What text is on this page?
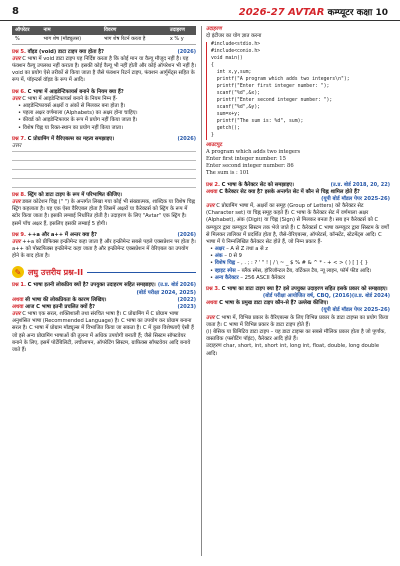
8	2026-27 AVTAR कम्प्यूटर कक्षा 10
ऑपरेटर	नाम	विवरण	उदाहरण
%	भाग शेष (मॉड्यूलस)	भाग शेष रिटर्न करता है	x % y
प्रश्न 5. वॉइड (void) डाटा टाइप क्या होता है?	(2026)
उत्तर C भाषा में void डाटा टाइप यह निर्दिष्ट करता है कि कोई मान या वैल्यू मौजूद नहीं है। यह फंक्शन वैल्यू उपलब्ध नहीं कराता है। इसकी कोई वैल्यू भी नहीं होती और कोई ऑपरेशन भी नहीं है। void का प्रयोग ऐसे तरीकों से किया जाता है जैसे फंक्शन रिटर्न टाइप, फंक्शन आर्गुमेंट्स सहित के रूप में, पॉइन्टर्स वॉइड के रूप में आदि।
प्रश्न 6. C भाषा में आइडेन्टिफायर्स बनाने के नियम क्या हैं?
उत्तर C भाषा में आइडेन्टिफायर्स बनाने के नियम निम्न हैं-
• आइडेन्टिफायर्स अक्षरों व अंकों से मिलकर बना होता है।
• पहला अक्षर वर्णमाला (Alphabets) का अक्षर होना चाहिए।
• कीवर्ड को आइडेन्टिफायर के रूप में प्रयोग नहीं किया जाता है।
• विशेष चिह्न या रिक्त-स्थान का प्रयोग नहीं किया जाता।
प्रश्न 7. C प्रोग्रामिंग में वैरिएबल्स का महत्व समझाइए।	(2026)
उत्तर
प्रश्न 8. स्ट्रिंग को डाटा टाइप के रूप में परिभाषित कीजिए।
उत्तर डबल कोटेशन चिह्न (" ") के अन्तर्गत लिखा गया कोई भी संख्यात्मक, शाब्दिक या विशेष चिह्न स्ट्रिंग कहलाता है। यह एक ऐसा वैरिएबल होता है जिसमें अक्षरों या कैरेक्टर्स को स्ट्रिंग के रूप में स्टोर किया जाता है। इसकी लम्बाई निर्धारित होती है। उदाहरण के लिए "Avtar" एक स्ट्रिंग है। इसमें पाँच अक्षर हैं, इसलिए इसकी लम्बाई 5 होगी।
प्रश्न 9. ++a और a++ में अन्तर क्या है?	(2026)
उत्तर ++a को प्रीफिक्स इन्क्रीमेन्ट कहा जाता है और इन्क्रीमेन्ट सबसे पहले एक्सप्रेशन पर होता है। a++ को पोस्टफिक्स इन्क्रीमेन्ट कहा जाता है और इन्क्रीमेन्ट एक्सप्रेशन में वेरिएबल का उपयोग होने के बाद होता है।
✎ लघु उत्तरीय प्रश्न-II
प्रश्न 1. C भाषा इतनी लोकप्रिय क्यों है? उपयुक्त उदाहरण सहित समझाइए। (उ.प्र. बोर्ड 2026)
(बोर्ड परीक्षा 2024, 2025)
अथवा सी भाषा की लोकप्रियता के कारण लिखिए।	(2022)
अथवा आज C भाषा इतनी प्रचलित क्यों है?	(2023)
उत्तर C भाषा एक सरल, शक्तिशाली तथा संरचित भाषा है। C प्रोग्रामिंग में C प्रोग्राम भाषा अनुशंसित भाषा (Recommended Language) है। C भाषा का उपयोग कर प्रोग्राम बनाना सरल है। C भाषा में प्रोग्राम मॉड्यूल्स में विभाजित किया जा सकता है। C में कुछ विशेषताएँ ऐसी हैं जो इसे अन्य प्रोग्रामिंग भाषाओं की तुलना में अधिक उपयोगी बनाती हैं; जैसे सिस्टम सॉफ्टवेयर बनाने के लिए, इसमें पोर्टेबिलिटी, लचीलापन, ऑपरेटिंग सिस्टम, ग्राफ़िक्स सॉफ्टवेयर आदि बनाये जाते हैं।
उदाहरण
दो इंटीजर का योग ज्ञात करना
#include<stdio.h>
#include<conio.h>
void main()
{
int x,y,sum;
printf("A program which adds two integers\n");
printf("Enter first integer number: ");
scanf("%d",&x);
printf("Enter second integer number: ");
scanf("%d",&y);
sum=x+y;
printf("The sum is: %d", sum);
getch();
}
आउटपुट
A program which adds two integers
Enter first integer number: 15
Enter second integer number: 86
The sum is : 101
प्रश्न 2. C भाषा के कैरेक्टर सेट को समझाइए।	(उ.प्र. बोर्ड 2018, 20, 22)
अथवा C कैरेक्टर सेट क्या है? इसके अन्तर्गत सेट में कौन से चिह्न शामिल होते हैं?
(यूपी बोर्ड मॉडल पेपर 2025-26)
उत्तर C प्रोग्रामिंग भाषा में, अक्षरों का समूह (Group of Letters) को कैरेक्टर सेट (Character set) या चिह्न समूह कहते हैं। C भाषा के कैरेक्टर सेट में वर्णमाला अक्षर (Alphabet), अंक (Digit) या चिह्न (Sign) से मिलकर बनता है। सब इन कैरेक्टर्स को C कम्प्यूटर द्वारा कम्प्यूटर सिस्टम तक भेजे जाते हैं। C कैरेक्टर्स C भाषा कम्प्यूटर द्वारा सिस्टम के वर्णों से मिलकर तालिका में प्रदर्शित होता है, जैसे-वेरिएबल्स, ऑपरेटर्स, कॉन्स्टेंट, स्टेटमेंट्स आदि। C भाषा में ये निम्नलिखित कैरेक्टर सेट होते हैं, जो निम्न प्रकार हैं-
• अक्षर – A से Z तथा a से z
• अंक – 0 से 9
• विशेष चिह्न – , . ; : ? ' " ! | / \ ~ _ $ % # & ^ * - + < > ( ) [ ] { }
• व्हाइट स्पेस – ब्लैंक स्पेस, हॉरिजॉन्टल टैब, वर्टिकल टैब, न्यू लाइन, फॉर्म फीड आदि।
• अन्य कैरेक्टर – 256 ASCII कैरेक्टर
प्रश्न 3. C भाषा का डाटा टाइप क्या है? इसे उपयुक्त उदाहरण सहित इसके प्रकार को समझाइए।
(उ.प्र. बोर्ड 2024)
(बोर्ड परीक्षा आयोजित वर्ष, CBQ, (2016)
अथवा C भाषा के प्रमुख डाटा टाइप कौन-से हैं? उल्लेख कीजिए।
(यूपी बोर्ड मॉडल पेपर 2025-26)
उत्तर C भाषा में, विभिन्न प्रकार के वैरिएबल्स के लिए विभिन्न प्रकार के डाटा टाइप्स का प्रयोग किया जाता है। C भाषा में विभिन्न प्रकार के डाटा टाइप होते हैं।
(i) बेसिक या प्रिमिटिव डाटा टाइप – यह डाटा टाइप्स का सबसे मौलिक प्रकार होता है जो पूर्णांक, वास्तविक (फ्लोटिंग पॉइंट), कैरेक्टर आदि होते हैं।
उदाहरण char, short, int, short int, long int, float, double, long double आदि।
